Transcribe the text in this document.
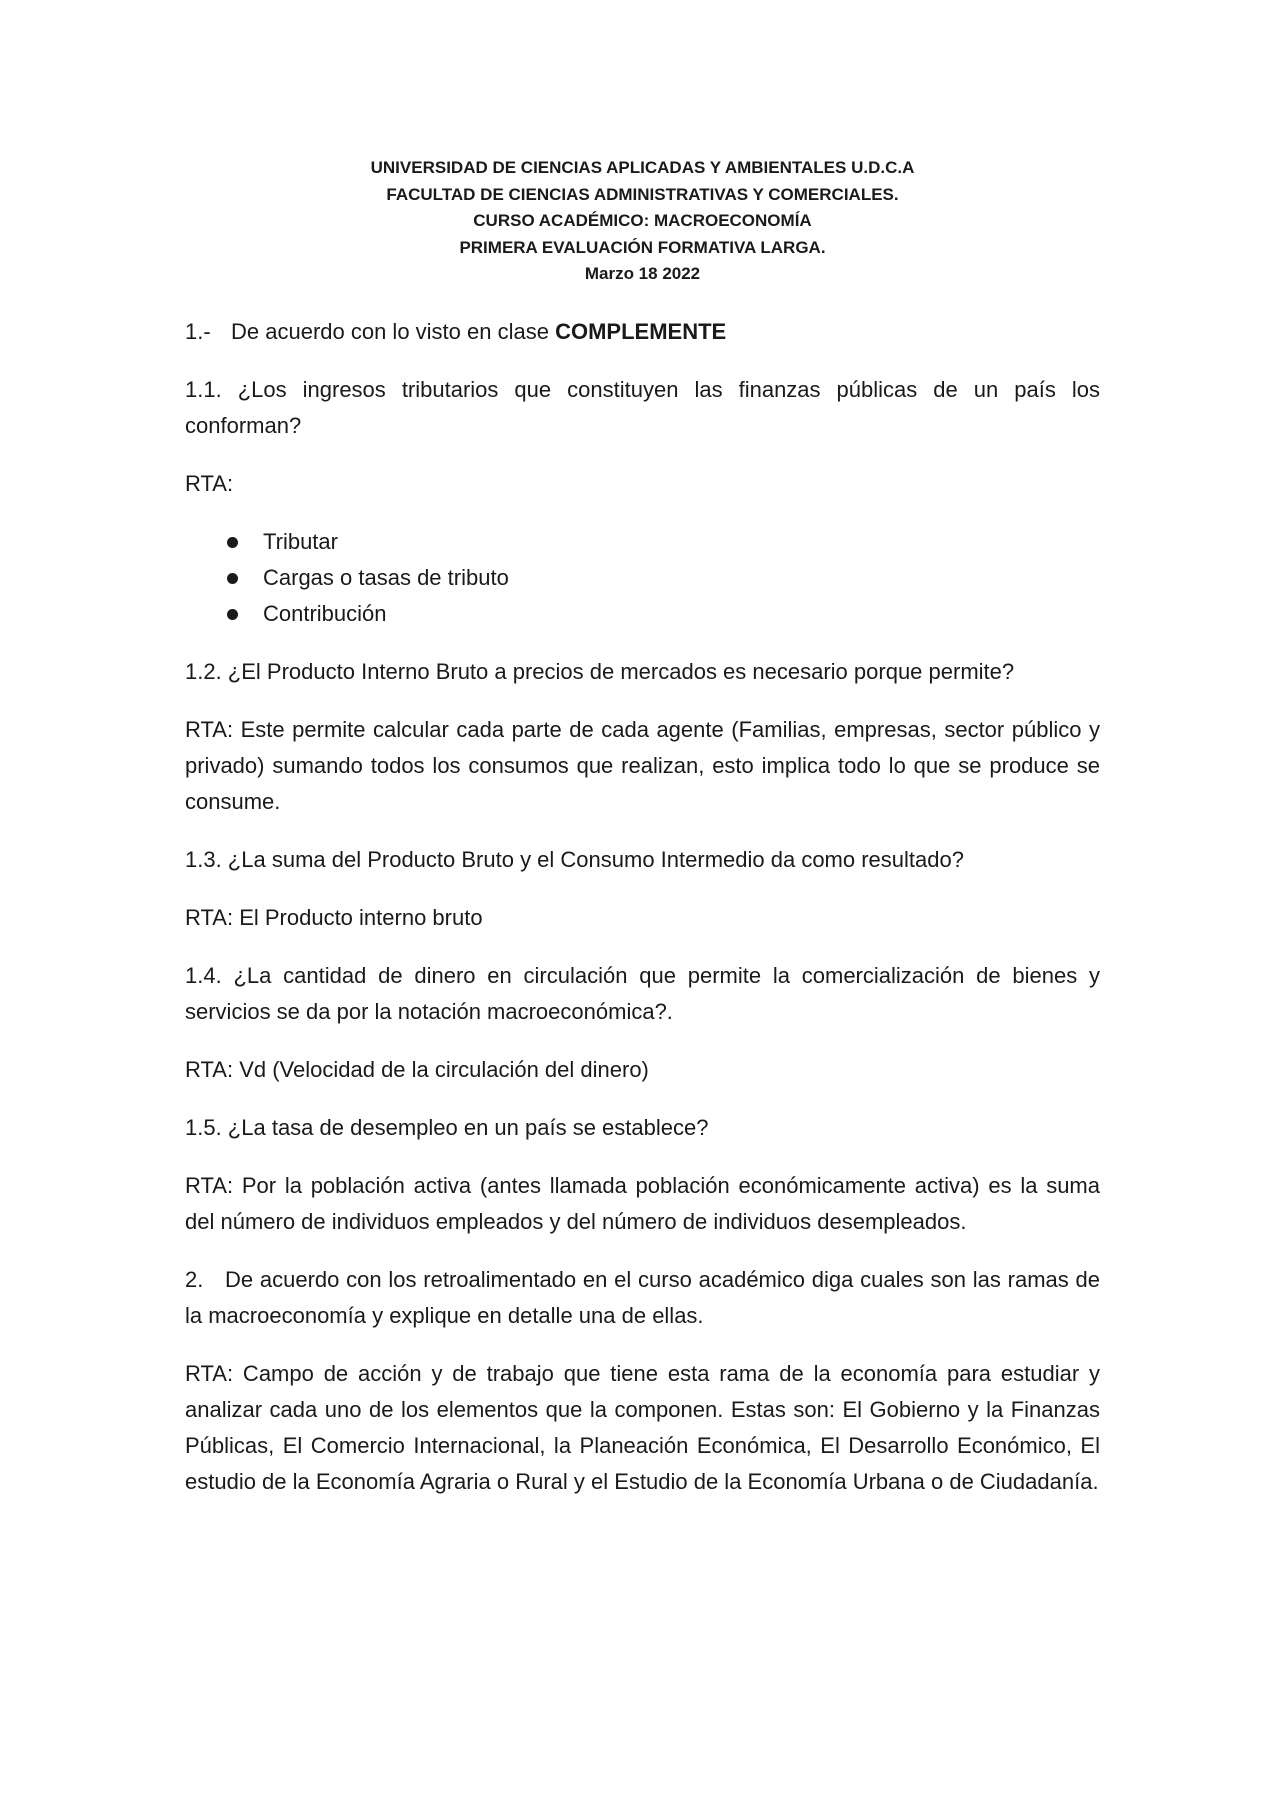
UNIVERSIDAD DE CIENCIAS APLICADAS Y AMBIENTALES U.D.C.A
FACULTAD DE CIENCIAS ADMINISTRATIVAS Y COMERCIALES.
CURSO ACADÉMICO: MACROECONOMÍA
PRIMERA EVALUACIÓN FORMATIVA LARGA.
Marzo 18 2022

1.- De acuerdo con lo visto en clase COMPLEMENTE

1.1. ¿Los ingresos tributarios que constituyen las finanzas públicas de un país los conforman?

RTA:

Tributar
Cargas o tasas de tributo
Contribución

1.2. ¿El Producto Interno Bruto a precios de mercados es necesario porque permite?

RTA: Este permite calcular cada parte de cada agente (Familias, empresas, sector público y privado) sumando todos los consumos que realizan, esto implica todo lo que se produce se consume.

1.3. ¿La suma del Producto Bruto y el Consumo Intermedio da como resultado?

RTA: El Producto interno bruto

1.4. ¿La cantidad de dinero en circulación que permite la comercialización de bienes y servicios se da por la notación macroeconómica?.

RTA: Vd (Velocidad de la circulación del dinero)

1.5. ¿La tasa de desempleo en un país se establece?

RTA: Por la población activa (antes llamada población económicamente activa) es la suma del número de individuos empleados y del número de individuos desempleados.

2. De acuerdo con los retroalimentado en el curso académico diga cuales son las ramas de la macroeconomía y explique en detalle una de ellas.

RTA: Campo de acción y de trabajo que tiene esta rama de la economía para estudiar y analizar cada uno de los elementos que la componen. Estas son: El Gobierno y la Finanzas Públicas, El Comercio Internacional, la Planeación Económica, El Desarrollo Económico, El estudio de la Economía Agraria o Rural y el Estudio de la Economía Urbana o de Ciudadanía.
